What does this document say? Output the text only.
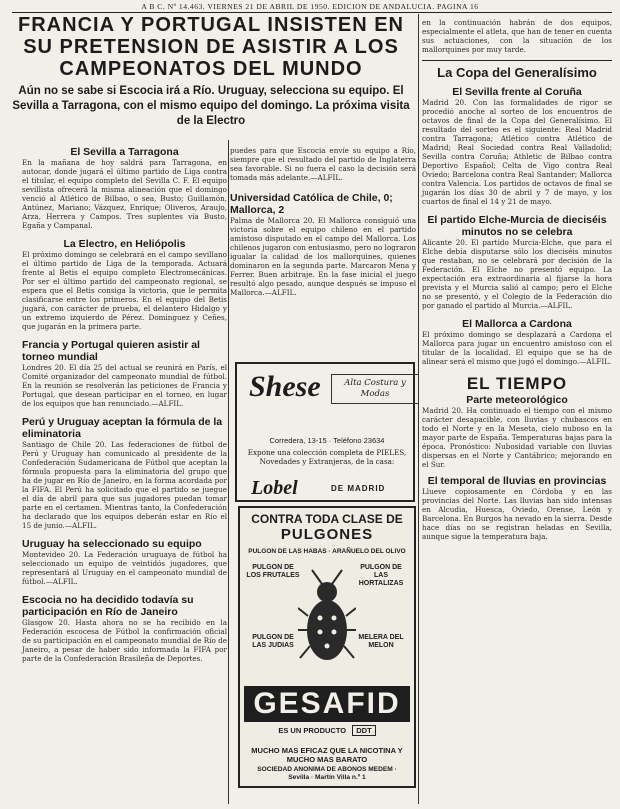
A B C. Nº 14.463. VIERNES 21 DE ABRIL DE 1950. EDICION DE ANDALUCIA. PAGINA 16
FRANCIA Y PORTUGAL INSISTEN EN SU PRETENSION DE ASISTIR A LOS CAMPEONATOS DEL MUNDO
Aún no se sabe si Escocia irá a Río. Uruguay, selecciona su equipo. El Sevilla a Tarragona, con el mismo equipo del domingo. La próxima visita de la Electro
El Sevilla a Tarragona

En la mañana de hoy saldrá para Tarragona, en autocar, donde jugará el último partido de Liga contra el titular, el equipo completo del Sevilla C. F. El equipo sevillista ofrecerá la misma alineación que el domingo venció al Atlético de Bilbao, o sea, Busto; Guillamón, Antúnez, Mariano; Vázquez, Enrique; Oliveros, Araujo, Arza, Herrera y Campos. Tres suplentes vía Busto, Egaña y Campanal.

La Electro, en Heliópolis

El próximo domingo se celebrará en el campo sevillano el último partido de Liga de la temporada. Actuará frente al Betis el equipo completo Electromecánicas. Por ser el último partido del campeonato regional, se espera que el Betis consiga la victoria, que le permita clasificarse entre los primeros. En el equipo del Betis jugará, con carácter de prueba, el delantero Hidalgo y un extremo izquierdo de Pérez. Dominguez y Ceñes, que jugarán en la primera parte.

Francia y Portugal quieren asistir al torneo mundial

Londres 20. El día 25 del actual se reunirá en París, el Comité organizador del campeonato mundial de fútbol. En la reunión se resolverán las peticiones de Francia y Portugal, que desean participar en el torneo, en lugar de los equipos que han renunciado.—ALFIL.

Perú y Uruguay aceptan la fórmula de la eliminatoria

Santiago de Chile 20. Las federaciones de fútbol de Perú y Uruguay han comunicado al presidente de la Confederación Sudamericana de Fútbol que aceptan la fórmula propuesta para la eliminatoria del grupo que ha de jugar en Río de Janeiro, en la forma acordada por la FIFA. El Perú ha solicitado que el partido se juegue el día de abril para que sus jugadores puedan tomar parte en el certamen. Mientras tanto, la Confederación ha declarado que los equipos deberán estar en Río el 15 de junio.—ALFIL.

Uruguay ha seleccionado su equipo

Montevideo 20. La Federación uruguaya de fútbol ha seleccionado un equipo de veintidós jugadores, que representará al Uruguay en el campeonato mundial de fútbol.—ALFIL.

Escocia no ha decidido todavía su participación en Río de Janeiro

Glasgow 20. Hasta ahora no se ha recibido en la Federación escocesa de Fútbol la confirmación oficial de su participación en el campeonato mundial de Río de Janeiro, a pesar de haber sido informada la FIFA por parte de la Confederación Brasileña de Deportes.

puedes para que Escocia envíe su equipo a Río, siempre que el resultado del partido de Inglaterra sea favorable. Si no fuera el caso la decisión será tomada más adelante.—ALFIL.

Universidad Católica de Chile, 0; Mallorca, 2

Palma de Mallorca 20. El Mallorca consiguió una victoria sobre el equipo chileno en el partido amistoso disputado en el campo del Mallorca. Los chilenos jugaron con entusiasmo, pero no lograron igualar la calidad de los mallorquines, quienes dominaron en la segunda parte. Marcaron Mena y Ferrer. Buen arbitraje. En la fase inicial el juego resultó algo pesado, aunque después se impuso el Mallorca.—ALFIL.

Shese	Alta Costura y Modas
Corredera, 13-15 · Teléfono 23634
Expone una colección completa de PIELES, Novedades y Extranjeras, de la casa:
Lobel	DE MADRID
CONTRA TODA CLASE DE
PULGONES
PULGON DE LAS HABAS · ARAÑUELO DEL OLIVO
PULGON DE LOS FRUTALES
PULGON DE LAS HORTALIZAS
PULGON DE LAS JUDIAS
MELERA DEL MELON
GESAFID
ES UN PRODUCTO DDT
MUCHO MAS EFICAZ QUE LA NICOTINA Y MUCHO MAS BARATO
SOCIEDAD ANONIMA DE ABONOS MEDEM · Sevilla · Martín Villa n.º 1

en la continuación habrán de dos equipos, especialmente el atleta, que han de tener en cuenta sus actuaciones, con la situación de los mallorquines por muy tarde.

La Copa del Generalísimo
El Sevilla frente al Coruña

Madrid 20. Con las formalidades de rigor se procedió anoche al sorteo de los encuentros de octavos de final de la Copa del Generalísimo. El resultado del sorteo es el siguiente: Real Madrid contra Tarragona; Atlético contra Atlético de Madrid; Real Sociedad contra Real Valladolid; Sevilla contra Coruña; Athletic de Bilbao contra Deportivo Español; Celta de Vigo contra Real Oviedo; Barcelona contra Real Santander; Mallorca contra Valencia. Los partidos de octavos de final se jugarán los días 30 de abril y 7 de mayo, y los cuartos de final el 14 y 21 de mayo.

El partido Elche-Murcia de dieciséis minutos no se celebra

Alicante 20. El partido Murcia-Elche, que para el Elche debía disputarse sólo los dieciséis minutos que restaban, no se celebrará por decisión de la Federación. El Elche no presentó equipo. La expectación era extraordinaria al fijarse la hora prevista y el Murcia salió al campo; pero el Elche no se presentó, y el Colegio de la Federación dio por ganado el partido al Murcia.—ALFIL.

El Mallorca a Cardona

El próximo domingo se desplazará a Cardona el Mallorca para jugar un encuentro amistoso con el titular de la localidad. El equipo que se ha de alinear será el mismo que jugó el domingo.—ALFIL.

EL TIEMPO
Parte meteorológico

Madrid 20. Ha continuado el tiempo con el mismo carácter desapacible, con lluvias y chubascos en todo el Norte y en la Meseta, cielo nuboso en la mayor parte de España. Temperaturas bajas para la época. Pronóstico: Nubosidad variable con lluvias dispersas en el Norte y Cantábrico; mejorando en el Sur.

El temporal de lluvias en provincias

Llueve copiosamente en Córdoba y en las provincias del Norte. Las lluvias han sido intensas en Alcudia, Huesca, Oviedo, Orense, León y Barcelona. En Burgos ha nevado en la sierra. Desde hace días no se registran heladas en Sevilla, aunque sigue la temperatura baja.
